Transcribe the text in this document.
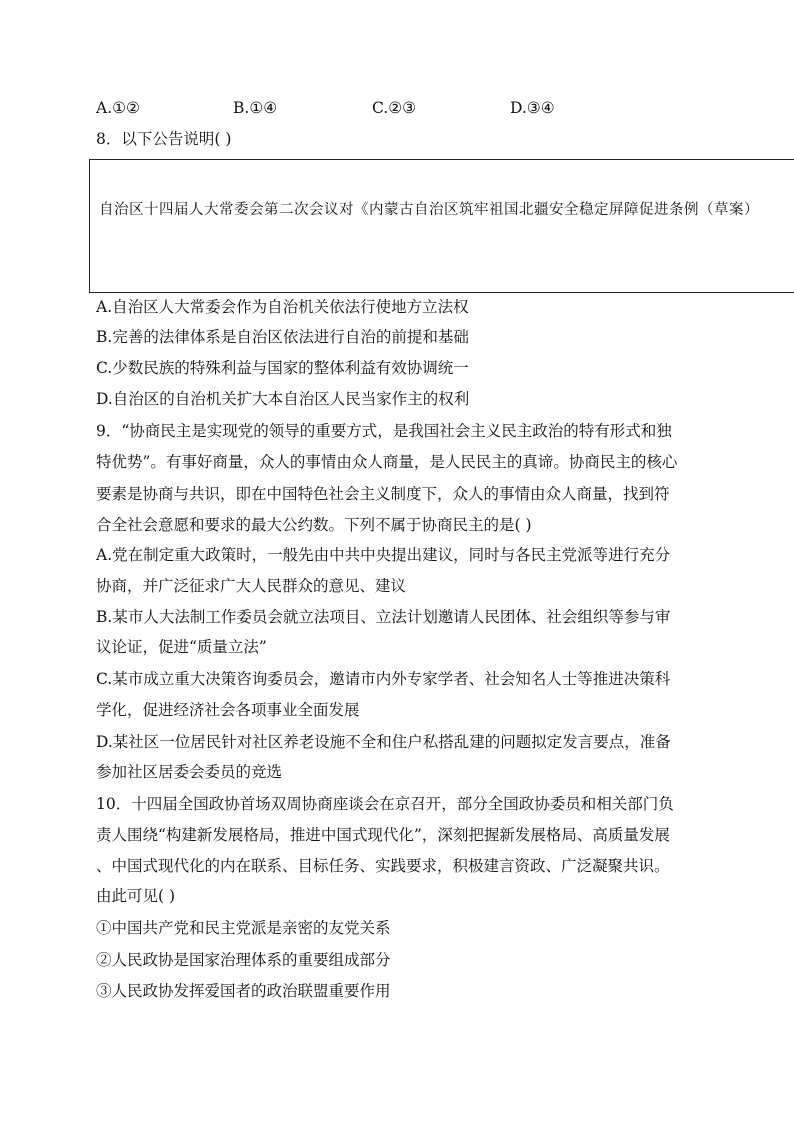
A.①②	B.①④	C.②③	D.③④
8．以下公告说明( )
自治区十四届人大常委会第二次会议对《内蒙古自治区筑牢祖国北疆安全稳定屏障促进条例（草案）
A.自治区人大常委会作为自治机关依法行使地方立法权
B.完善的法律体系是自治区依法进行自治的前提和基础
C.少数民族的特殊利益与国家的整体利益有效协调统一
D.自治区的自治机关扩大本自治区人民当家作主的权利
9．“协商民主是实现党的领导的重要方式，是我国社会主义民主政治的特有形式和独
特优势”。有事好商量，众人的事情由众人商量，是人民民主的真谛。协商民主的核心
要素是协商与共识，即在中国特色社会主义制度下，众人的事情由众人商量，找到符
合全社会意愿和要求的最大公约数。下列不属于协商民主的是( )
A.党在制定重大政策时，一般先由中共中央提出建议，同时与各民主党派等进行充分
协商，并广泛征求广大人民群众的意见、建议
B.某市人大法制工作委员会就立法项目、立法计划邀请人民团体、社会组织等参与审
议论证，促进“质量立法”
C.某市成立重大决策咨询委员会，邀请市内外专家学者、社会知名人士等推进决策科
学化，促进经济社会各项事业全面发展
D.某社区一位居民针对社区养老设施不全和住户私搭乱建的问题拟定发言要点，准备
参加社区居委会委员的竞选
10．十四届全国政协首场双周协商座谈会在京召开，部分全国政协委员和相关部门负
责人围绕“构建新发展格局，推进中国式现代化”，深刻把握新发展格局、高质量发展
、中国式现代化的内在联系、目标任务、实践要求，积极建言资政、广泛凝聚共识。
由此可见( )
①中国共产党和民主党派是亲密的友党关系
②人民政协是国家治理体系的重要组成部分
③人民政协发挥爱国者的政治联盟重要作用
